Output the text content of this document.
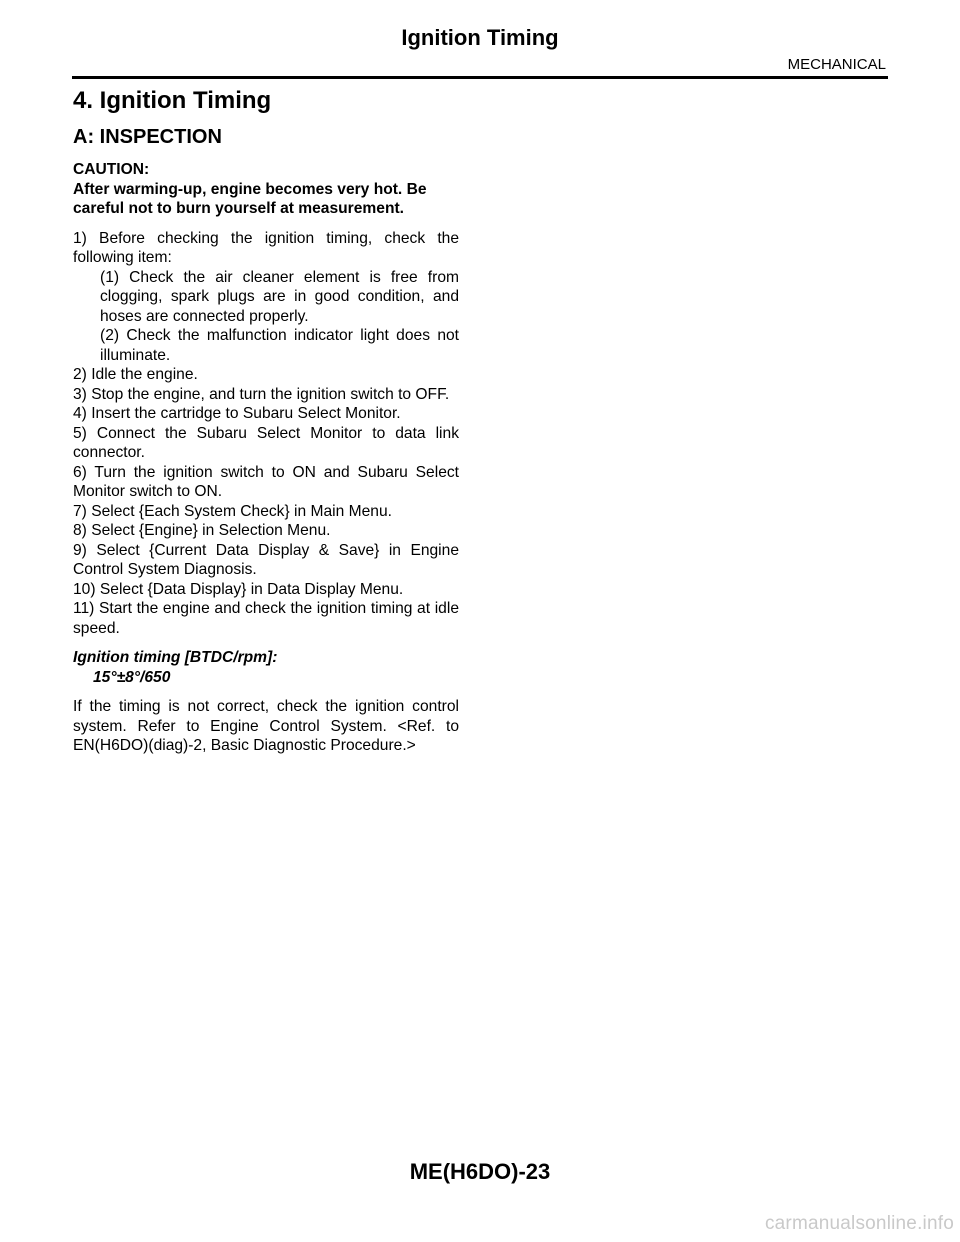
Ignition Timing
MECHANICAL
4. Ignition Timing
A: INSPECTION
CAUTION:
After warming-up, engine becomes very hot. Be careful not to burn yourself at measurement.
1) Before checking the ignition timing, check the following item:
(1) Check the air cleaner element is free from clogging, spark plugs are in good condition, and hoses are connected properly.
(2) Check the malfunction indicator light does not illuminate.
2) Idle the engine.
3) Stop the engine, and turn the ignition switch to OFF.
4) Insert the cartridge to Subaru Select Monitor.
5) Connect the Subaru Select Monitor to data link connector.
6) Turn the ignition switch to ON and Subaru Select Monitor switch to ON.
7) Select {Each System Check} in Main Menu.
8) Select {Engine} in Selection Menu.
9) Select {Current Data Display & Save} in Engine Control System Diagnosis.
10) Select {Data Display} in Data Display Menu.
11) Start the engine and check the ignition timing at idle speed.
Ignition timing [BTDC/rpm]:
15°±8°/650
If the timing is not correct, check the ignition control system. Refer to Engine Control System. <Ref. to EN(H6DO)(diag)-2, Basic Diagnostic Procedure.>
ME(H6DO)-23
carmanualsonline.info
